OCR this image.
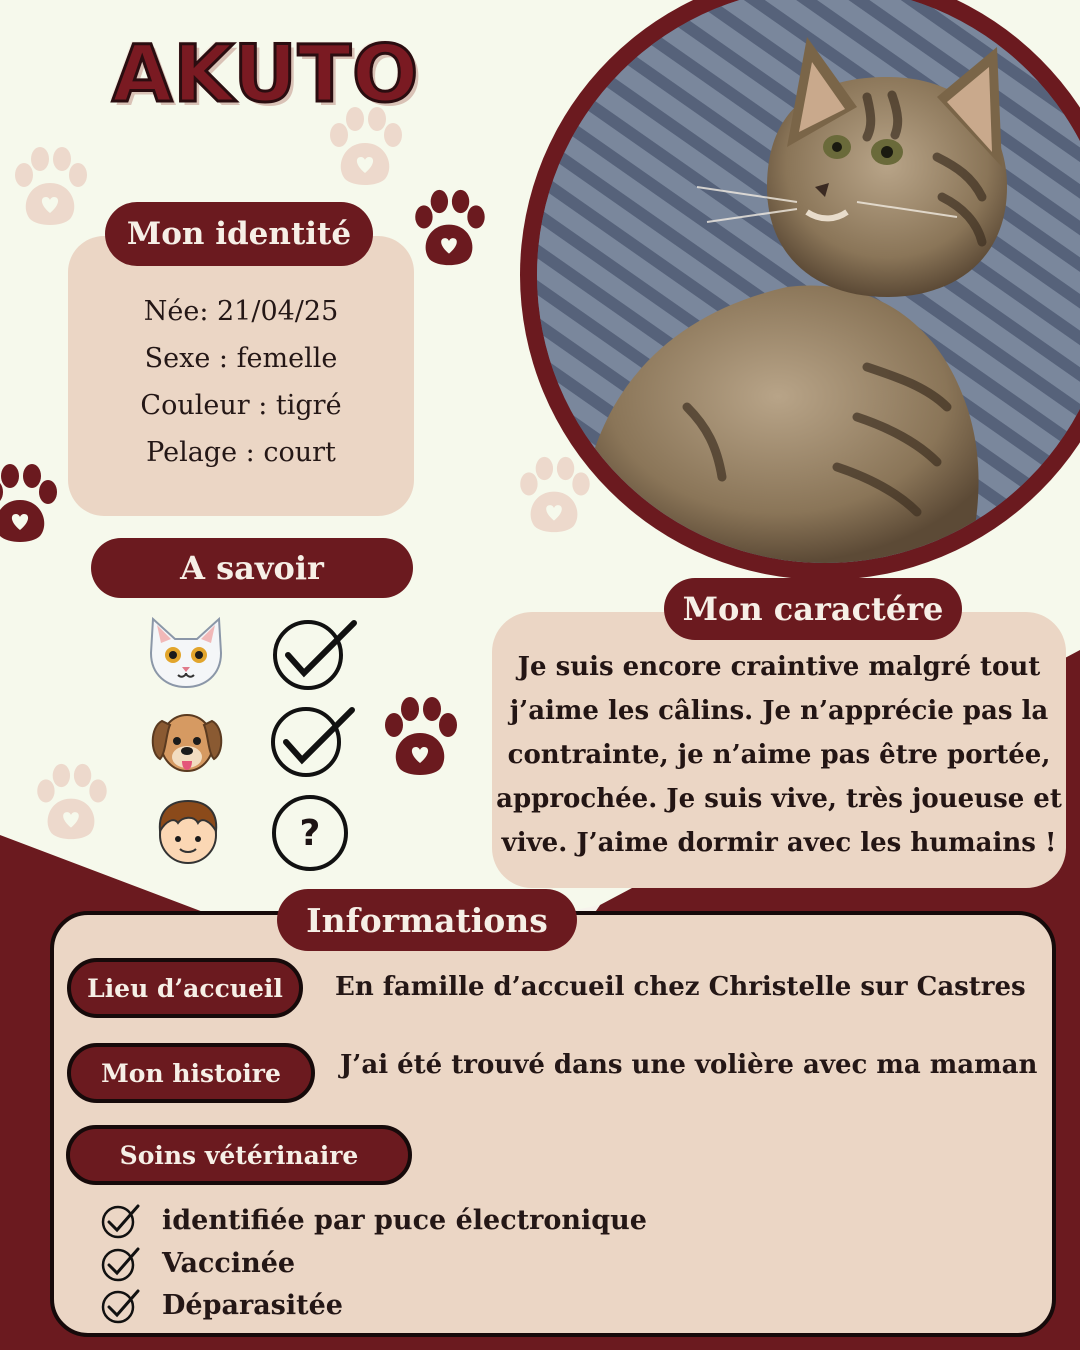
AKUTO
Née: 21/04/25
Sexe : femelle
Couleur : tigré
Pelage : court
Mon identité
A savoir
?
Mon caractére
Je suis encore craintive malgré tout
j’aime les câlins. Je n’apprécie pas la
contrainte, je n’aime pas être portée,
approchée. Je suis vive, très joueuse et
vive. J’aime dormir avec les humains !
Informations
Lieu d’accueil	En famille d’accueil chez Christelle sur Castres
Mon histoire	J’ai été trouvé dans une volière avec ma maman
Soins vétérinaire
identifiée par puce électronique
Vaccinée
Déparasitée
